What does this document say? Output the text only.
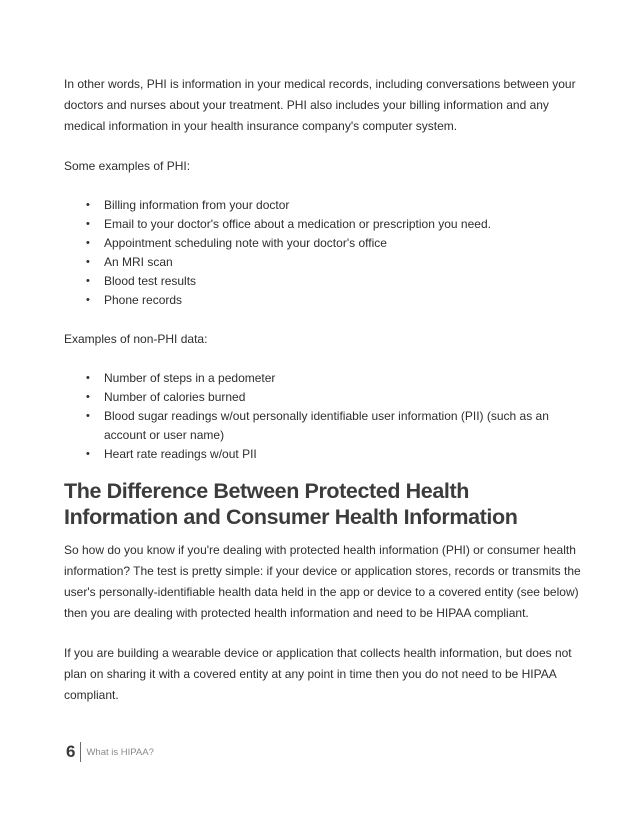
In other words, PHI is information in your medical records, including conversations between your doctors and nurses about your treatment. PHI also includes your billing information and any medical information in your health insurance company's computer system.

Some examples of PHI:

• Billing information from your doctor
• Email to your doctor's office about a medication or prescription you need.
• Appointment scheduling note with your doctor's office
• An MRI scan
• Blood test results
• Phone records

Examples of non-PHI data:

• Number of steps in a pedometer
• Number of calories burned
• Blood sugar readings w/out personally identifiable user information (PII) (such as an account or user name)
• Heart rate readings w/out PII
The Difference Between Protected Health Information and Consumer Health Information

So how do you know if you're dealing with protected health information (PHI) or consumer health information? The test is pretty simple: if your device or application stores, records or transmits the user's personally-identifiable health data held in the app or device to a covered entity (see below) then you are dealing with protected health information and need to be HIPAA compliant.

If you are building a wearable device or application that collects health information, but does not plan on sharing it with a covered entity at any point in time then you do not need to be HIPAA compliant.

6	What is HIPAA?
